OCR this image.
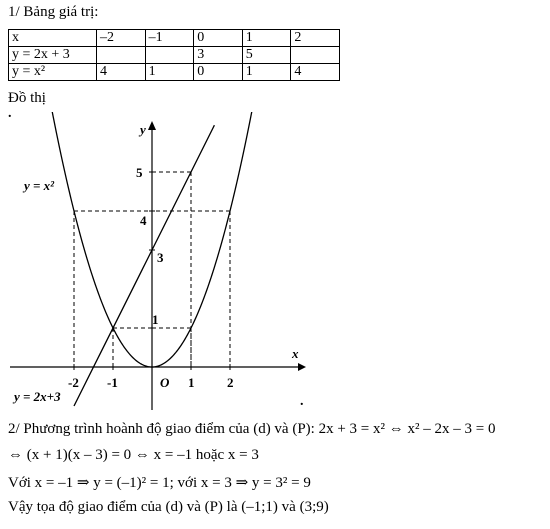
1/ Bảng giá trị:
x	–2	–1	0	1	2
y = 2x + 3			3	5	
y = x²	4	1	0	1	4
Đồ thị
.
.
-2 -1	1	2
1
3
4
5
y
x
O
y = x²
y = 2x+3
2/ Phương trình hoành độ giao điểm của (d) và (P): 2x + 3 = x² ⇔ x² – 2x – 3 = 0
⇔ (x + 1)(x – 3) = 0 ⇔ x = –1 hoặc x = 3
Với x = –1 ⇒ y = (–1)² = 1; với x = 3 ⇒ y = 3² = 9
Vậy tọa độ giao điểm của (d) và (P) là (–1;1) và (3;9)
